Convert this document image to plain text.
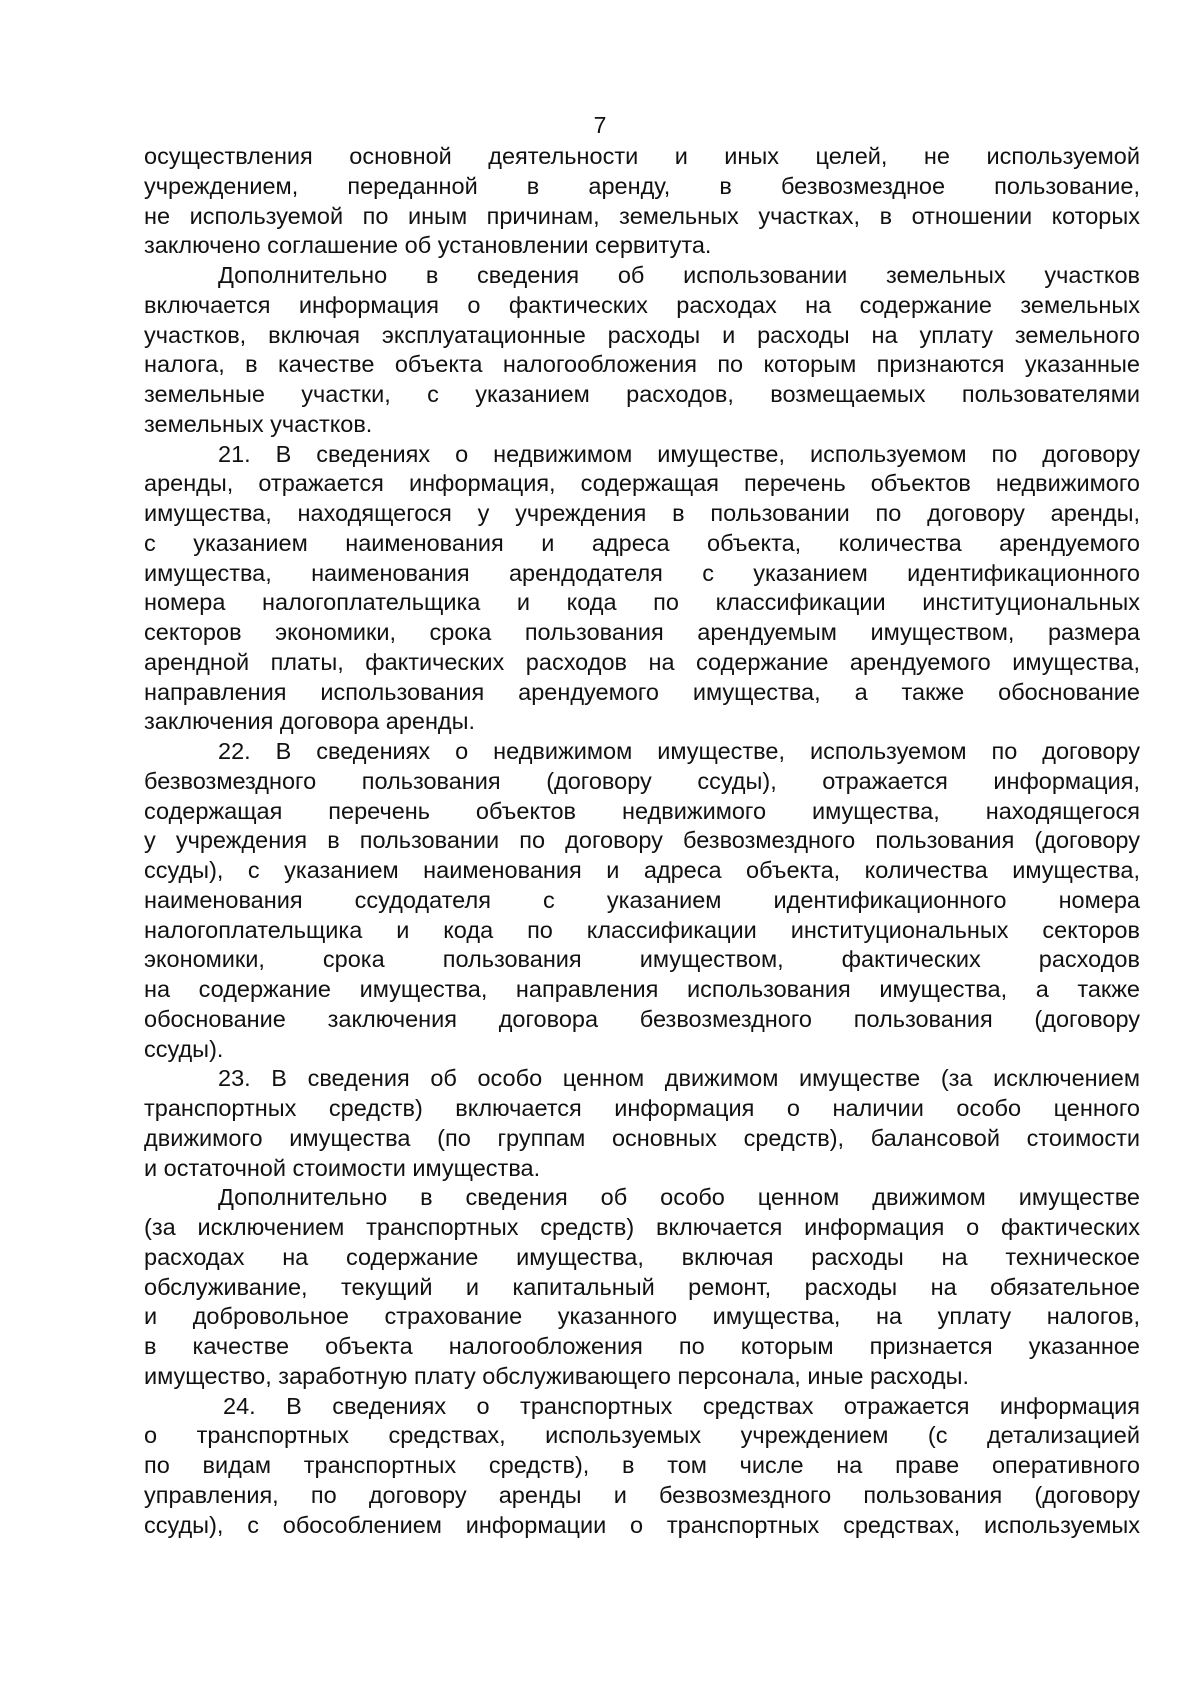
7
осуществления основной деятельности и иных целей, не используемой
учреждением, переданной в аренду, в безвозмездное пользование,
не используемой по иным причинам, земельных участках, в отношении которых
заключено соглашение об установлении сервитута.
Дополнительно в сведения об использовании земельных участков
включается информация о фактических расходах на содержание земельных
участков, включая эксплуатационные расходы и расходы на уплату земельного
налога, в качестве объекта налогообложения по которым признаются указанные
земельные участки, с указанием расходов, возмещаемых пользователями
земельных участков.
21. В сведениях о недвижимом имуществе, используемом по договору
аренды, отражается информация, содержащая перечень объектов недвижимого
имущества, находящегося у учреждения в пользовании по договору аренды,
с указанием наименования и адреса объекта, количества арендуемого
имущества, наименования арендодателя с указанием идентификационного
номера налогоплательщика и кода по классификации институциональных
секторов экономики, срока пользования арендуемым имуществом, размера
арендной платы, фактических расходов на содержание арендуемого имущества,
направления использования арендуемого имущества, а также обоснование
заключения договора аренды.
22. В сведениях о недвижимом имуществе, используемом по договору
безвозмездного пользования (договору ссуды), отражается информация,
содержащая перечень объектов недвижимого имущества, находящегося
у учреждения в пользовании по договору безвозмездного пользования (договору
ссуды), с указанием наименования и адреса объекта, количества имущества,
наименования ссудодателя с указанием идентификационного номера
налогоплательщика и кода по классификации институциональных секторов
экономики, срока пользования имуществом, фактических расходов
на содержание имущества, направления использования имущества, а также
обоснование заключения договора безвозмездного пользования (договору
ссуды).
23. В сведения об особо ценном движимом имуществе (за исключением
транспортных средств) включается информация о наличии особо ценного
движимого имущества (по группам основных средств), балансовой стоимости
и остаточной стоимости имущества.
Дополнительно в сведения об особо ценном движимом имуществе
(за исключением транспортных средств) включается информация о фактических
расходах на содержание имущества, включая расходы на техническое
обслуживание, текущий и капитальный ремонт, расходы на обязательное
и добровольное страхование указанного имущества, на уплату налогов,
в качестве объекта налогообложения по которым признается указанное
имущество, заработную плату обслуживающего персонала, иные расходы.
24. В сведениях о транспортных средствах отражается информация
о транспортных средствах, используемых учреждением (с детализацией
по видам транспортных средств), в том числе на праве оперативного
управления, по договору аренды и безвозмездного пользования (договору
ссуды), с обособлением информации о транспортных средствах, используемых
